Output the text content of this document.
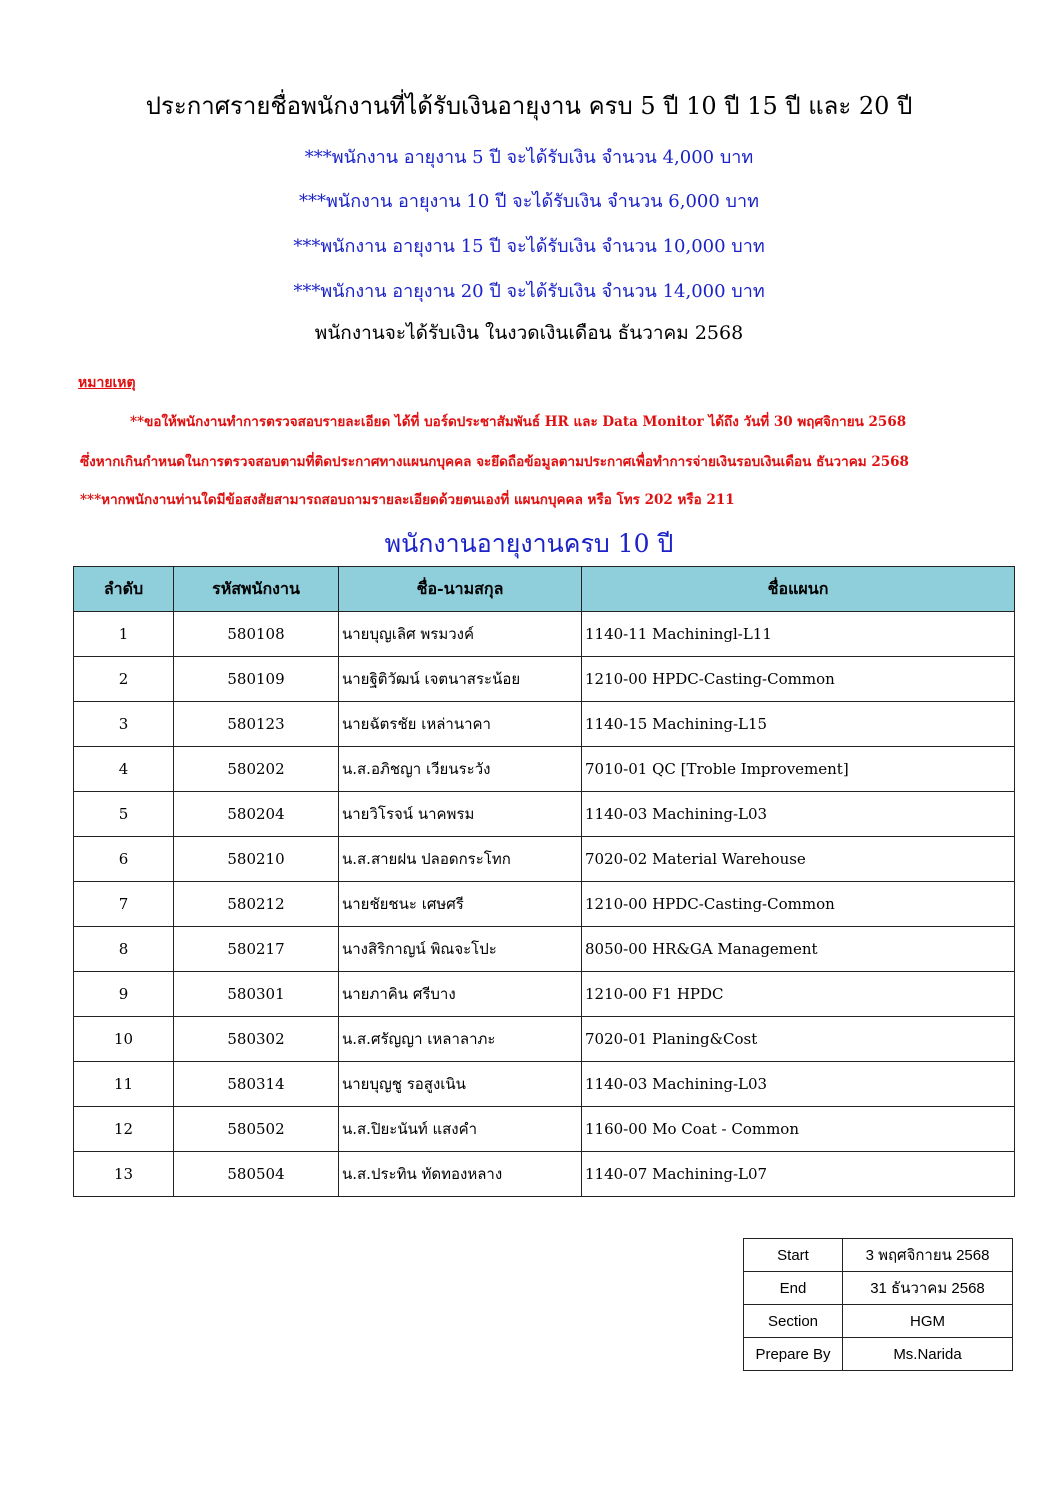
ประกาศรายชื่อพนักงานที่ได้รับเงินอายุงาน ครบ 5 ปี 10 ปี 15 ปี และ 20 ปี
***พนักงาน อายุงาน 5 ปี จะได้รับเงิน จำนวน 4,000 บาท
***พนักงาน อายุงาน 10 ปี จะได้รับเงิน จำนวน 6,000 บาท
***พนักงาน อายุงาน 15 ปี จะได้รับเงิน จำนวน 10,000 บาท
***พนักงาน อายุงาน 20 ปี จะได้รับเงิน จำนวน 14,000 บาท
พนักงานจะได้รับเงิน ในงวดเงินเดือน ธันวาคม 2568
หมายเหตุ
**ขอให้พนักงานทำการตรวจสอบรายละเอียด ได้ที่ บอร์ดประชาสัมพันธ์ HR และ Data Monitor ได้ถึง วันที่ 30 พฤศจิกายน 2568
ซึ่งหากเกินกำหนดในการตรวจสอบตามที่ติดประกาศทางแผนกบุคคล จะยึดถือข้อมูลตามประกาศเพื่อทำการจ่ายเงินรอบเงินเดือน ธันวาคม 2568
***หากพนักงานท่านใดมีข้อสงสัยสามารถสอบถามรายละเอียดด้วยตนเองที่ แผนกบุคคล หรือ โทร 202 หรือ 211
พนักงานอายุงานครบ 10 ปี
ลำดับ	รหัสพนักงาน	ชื่อ-นามสกุล	ชื่อแผนก
1	580108	นายบุญเลิศ พรมวงค์	1140-11 Machiningl-L11
2	580109	นายฐิติวัฒน์ เจตนาสระน้อย	1210-00 HPDC-Casting-Common
3	580123	นายฉัตรชัย เหล่านาคา	1140-15 Machining-L15
4	580202	น.ส.อภิชญา เวียนระวัง	7010-01 QC [Troble Improvement]
5	580204	นายวิโรจน์ นาคพรม	1140-03 Machining-L03
6	580210	น.ส.สายฝน ปลอดกระโทก	7020-02 Material Warehouse
7	580212	นายชัยชนะ เศษศรี	1210-00 HPDC-Casting-Common
8	580217	นางสิริกาญน์ พิณจะโปะ	8050-00 HR&GA Management
9	580301	นายภาคิน ศรีบาง	1210-00 F1 HPDC
10	580302	น.ส.ศรัญญา เหลาลาภะ	7020-01 Planing&Cost
11	580314	นายบุญชู รอสูงเนิน	1140-03 Machining-L03
12	580502	น.ส.ปิยะนันท์ แสงคำ	1160-00 Mo Coat - Common
13	580504	น.ส.ประทิน ทัดทองหลาง	1140-07 Machining-L07
Start	3 พฤศจิกายน 2568
End	31 ธันวาคม 2568
Section	HGM
Prepare By	Ms.Narida
